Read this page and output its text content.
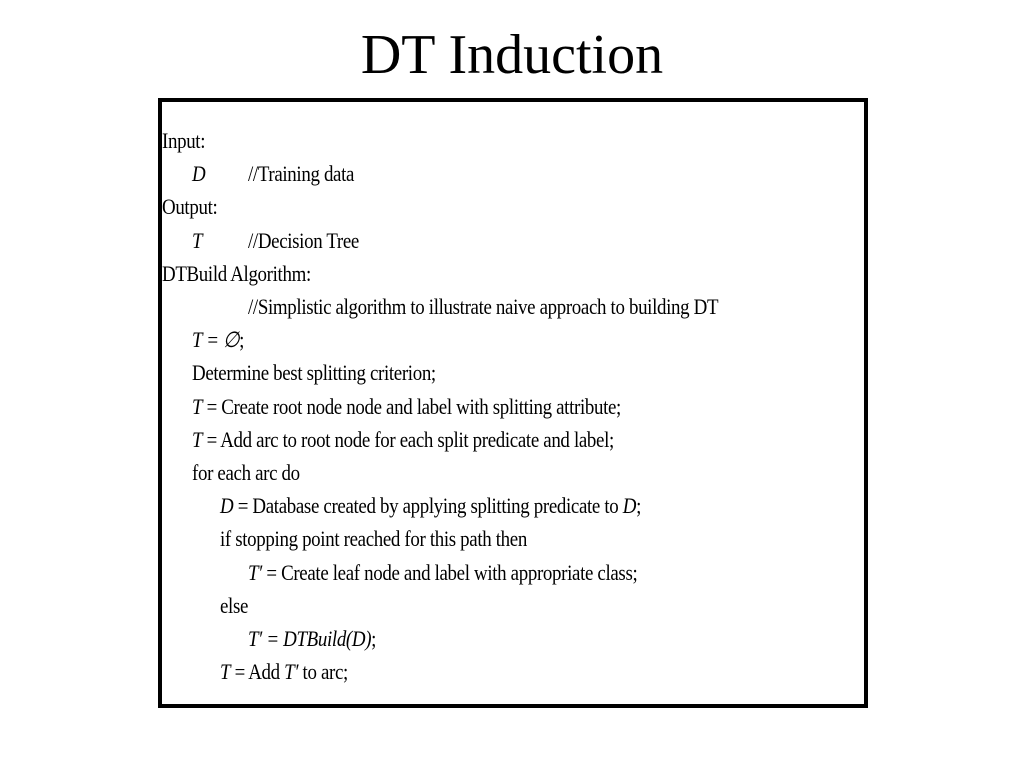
DT Induction
Input:
D //Training data
Output:
T //Decision Tree
DTBuild Algorithm:
//Simplistic algorithm to illustrate naive approach to building DT
T = ∅;
Determine best splitting criterion;
T = Create root node node and label with splitting attribute;
T = Add arc to root node for each split predicate and label;
for each arc do
D = Database created by applying splitting predicate to D;
if stopping point reached for this path then
T′ = Create leaf node and label with appropriate class;
else
T′ = DTBuild(D);
T = Add T′ to arc;
